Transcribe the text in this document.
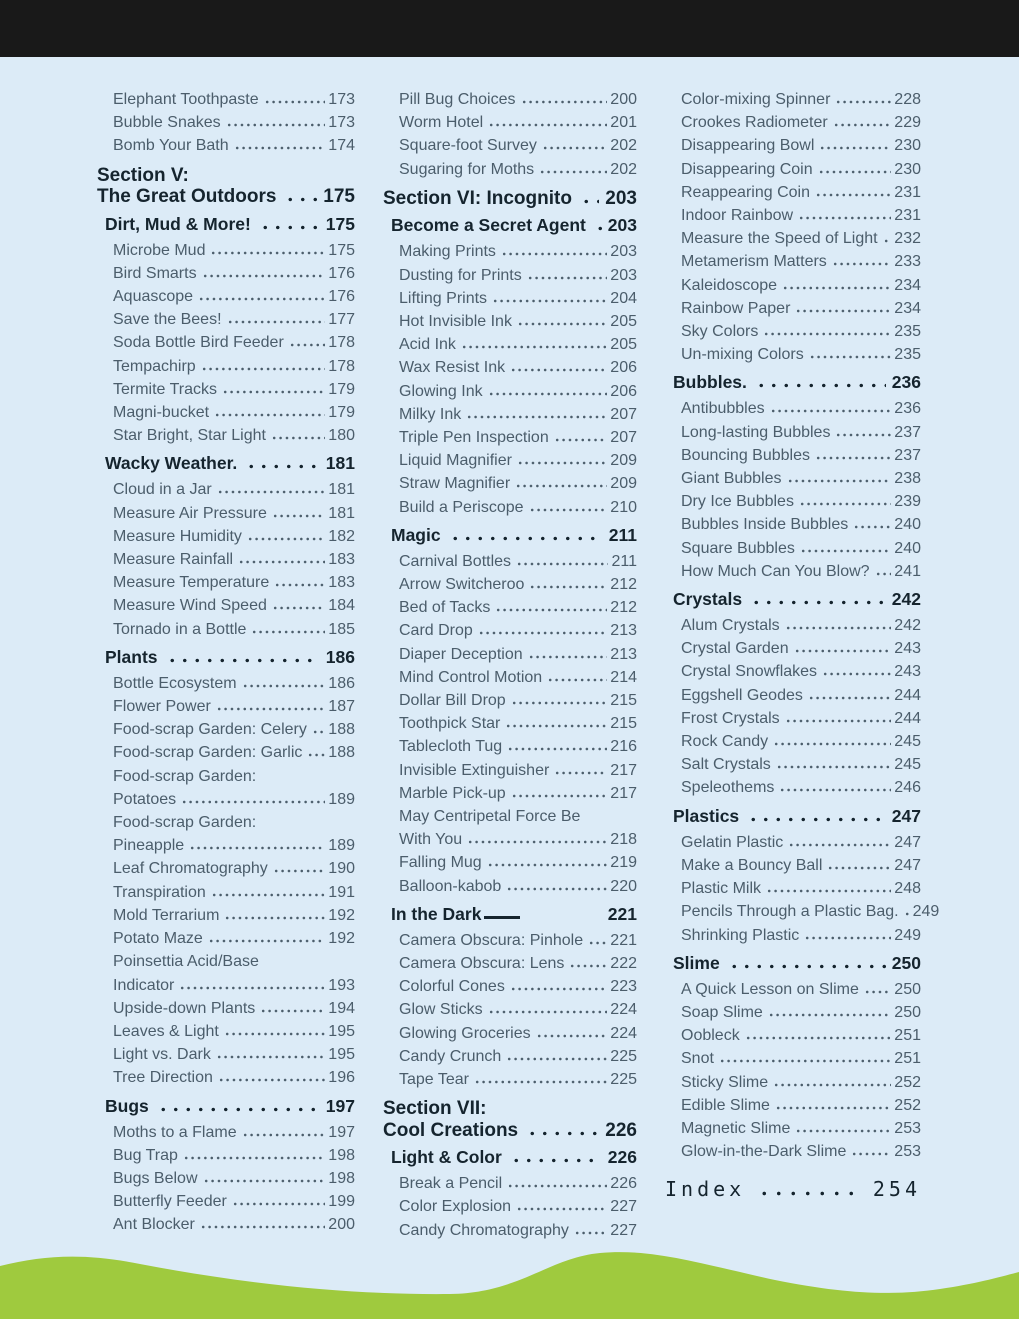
Elephant Toothpaste	173
Bubble Snakes	173
Bomb Your Bath	174
Section V:
The Great Outdoors 175
Dirt, Mud & More!	175
Microbe Mud	175
Bird Smarts	176
Aquascope	176
Save the Bees!	177
Soda Bottle Bird Feeder	178
Tempachirp	178
Termite Tracks	179
Magni-bucket	179
Star Bright, Star Light	180
Wacky Weather.	181
Cloud in a Jar	181
Measure Air Pressure	181
Measure Humidity	182
Measure Rainfall	183
Measure Temperature	183
Measure Wind Speed	184
Tornado in a Bottle	185
Plants	186
Bottle Ecosystem	186
Flower Power	187
Food-scrap Garden: Celery 188
Food-scrap Garden: Garlic 188
Food-scrap Garden:
Potatoes	189
Food-scrap Garden:
Pineapple	189
Leaf Chromatography	190
Transpiration	191
Mold Terrarium	192
Potato Maze	192
Poinsettia Acid/Base
Indicator	193
Upside-down Plants	194
Leaves & Light	195
Light vs. Dark	195
Tree Direction	196
Bugs	197
Moths to a Flame	197
Bug Trap	198
Bugs Below	198
Butterfly Feeder	199
Ant Blocker	200
Pill Bug Choices	200
Worm Hotel	201
Square-foot Survey	202
Sugaring for Moths	202
Section VI: Incognito 203
Become a Secret Agent 203
Making Prints	203
Dusting for Prints	203
Lifting Prints	204
Hot Invisible Ink	205
Acid Ink	205
Wax Resist Ink	206
Glowing Ink	206
Milky Ink	207
Triple Pen Inspection	207
Liquid Magnifier	209
Straw Magnifier	209
Build a Periscope	210
Magic	211
Carnival Bottles	211
Arrow Switcheroo	212
Bed of Tacks	212
Card Drop	213
Diaper Deception	213
Mind Control Motion	214
Dollar Bill Drop	215
Toothpick Star	215
Tablecloth Tug	216
Invisible Extinguisher	217
Marble Pick-up	217
May Centripetal Force Be
With You	218
Falling Mug	219
Balloon-kabob	220
In the Dark	221
Camera Obscura: Pinhole 221
Camera Obscura: Lens	222
Colorful Cones	223
Glow Sticks	224
Glowing Groceries	224
Candy Crunch	225
Tape Tear	225
Section VII:
Cool Creations	226
Light & Color	226
Break a Pencil	226
Color Explosion	227
Candy Chromatography	227
Color-mixing Spinner	228
Crookes Radiometer	229
Disappearing Bowl	230
Disappearing Coin	230
Reappearing Coin	231
Indoor Rainbow	231
Measure the Speed of Light 232
Metamerism Matters	233
Kaleidoscope	234
Rainbow Paper	234
Sky Colors	235
Un-mixing Colors	235
Bubbles.	236
Antibubbles	236
Long-lasting Bubbles	237
Bouncing Bubbles	237
Giant Bubbles	238
Dry Ice Bubbles	239
Bubbles Inside Bubbles	240
Square Bubbles	240
How Much Can You Blow? 241
Crystals	242
Alum Crystals	242
Crystal Garden	243
Crystal Snowflakes	243
Eggshell Geodes	244
Frost Crystals	244
Rock Candy	245
Salt Crystals	245
Speleothems	246
Plastics	247
Gelatin Plastic	247
Make a Bouncy Ball	247
Plastic Milk	248
Pencils Through a Plastic Bag. 249
Shrinking Plastic	249
Slime	250
A Quick Lesson on Slime 250
Soap Slime	250
Oobleck	251
Snot	251
Sticky Slime	252
Edible Slime	252
Magnetic Slime	253
Glow-in-the-Dark Slime	253
Index	254
